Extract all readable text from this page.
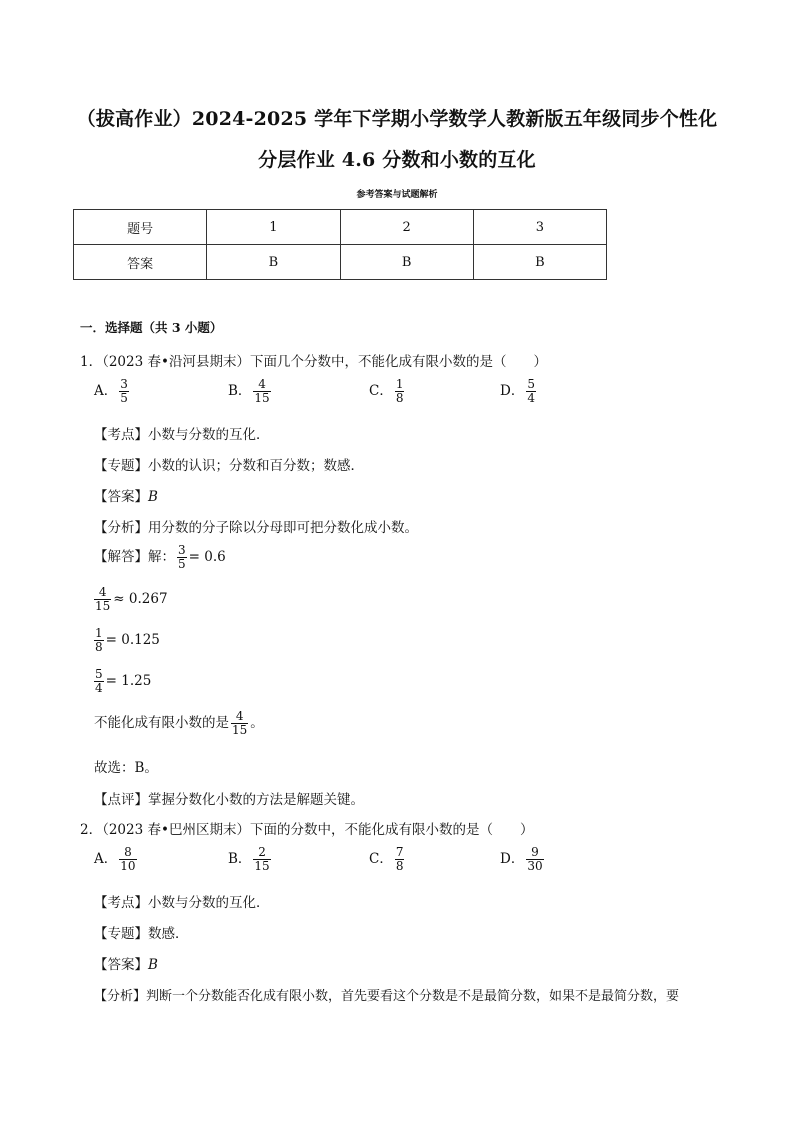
（拔高作业）2024-2025 学年下学期小学数学人教新版五年级同步个性化
分层作业 4.6 分数和小数的互化
参考答案与试题解析
题号	1	2	3
答案	B	B	B
一．选择题（共 3 小题）
1．（2023 春•沿河县期末）下面几个分数中，不能化成有限小数的是（　　）
A． $\frac{3}{5}$	B． $\frac{4}{15}$	C． $\frac{1}{8}$	D． $\frac{5}{4}$
【考点】小数与分数的互化．
【专题】小数的认识；分数和百分数；数感．
【答案】B
【分析】用分数的分子除以分母即可把分数化成小数。
【解答】解： $\frac{3}{5} = 0.6$
$\frac{4}{15} \approx 0.267$
$\frac{1}{8} = 0.125$
$\frac{5}{4} = 1.25$
不能化成有限小数的是 $\frac{4}{15}$ 。
故选：B。
【点评】掌握分数化小数的方法是解题关键。
2．（2023 春•巴州区期末）下面的分数中，不能化成有限小数的是（　　）
A． $\frac{8}{10}$	B． $\frac{2}{15}$	C． $\frac{7}{8}$	D． $\frac{9}{30}$
【考点】小数与分数的互化．
【专题】数感．
【答案】B
【分析】判断一个分数能否化成有限小数，首先要看这个分数是不是最简分数，如果不是最简分数，要
